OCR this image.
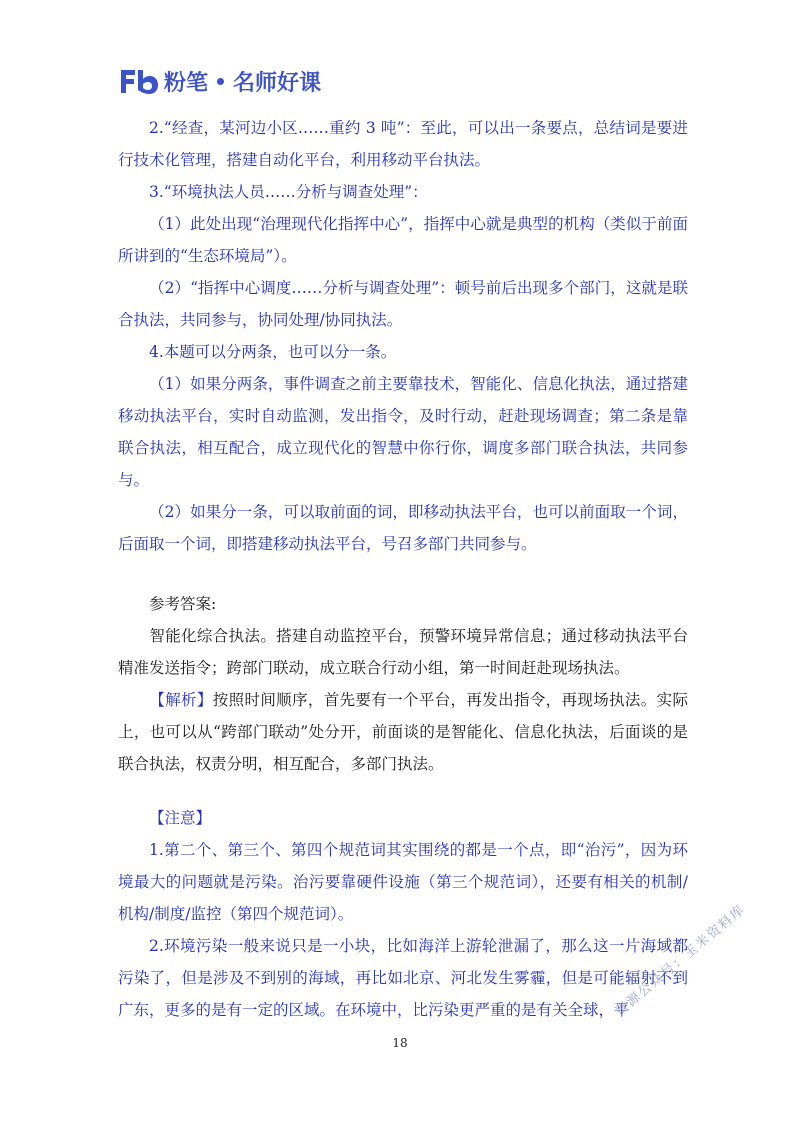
粉笔 名师好课

2.“经查，某河边小区……重约 3 吨”：至此，可以出一条要点，总结词是要进行技术化管理，搭建自动化平台，利用移动平台执法。

3.“环境执法人员……分析与调查处理”：

（1）此处出现“治理现代化指挥中心”，指挥中心就是典型的机构（类似于前面所讲到的“生态环境局”）。

（2）“指挥中心调度……分析与调查处理”：顿号前后出现多个部门，这就是联合执法，共同参与，协同处理/协同执法。

4.本题可以分两条，也可以分一条。

（1）如果分两条，事件调查之前主要靠技术，智能化、信息化执法，通过搭建移动执法平台，实时自动监测，发出指令，及时行动，赶赴现场调查；第二条是靠联合执法，相互配合，成立现代化的智慧中你行你，调度多部门联合执法，共同参与。

（2）如果分一条，可以取前面的词，即移动执法平台，也可以前面取一个词，后面取一个词，即搭建移动执法平台，号召多部门共同参与。

参考答案:

智能化综合执法。搭建自动监控平台，预警环境异常信息；通过移动执法平台精准发送指令；跨部门联动，成立联合行动小组，第一时间赶赴现场执法。

【解析】按照时间顺序，首先要有一个平台，再发出指令，再现场执法。实际上，也可以从“跨部门联动”处分开，前面谈的是智能化、信息化执法，后面谈的是联合执法，权责分明，相互配合，多部门执法。

【注意】

1.第二个、第三个、第四个规范词其实围绕的都是一个点，即“治污”，因为环境最大的问题就是污染。治污要靠硬件设施（第三个规范词），还要有相关的机制/机构/制度/监控（第四个规范词）。

2.环境污染一般来说只是一小块，比如海洋上游轮泄漏了，那么这一片海域都污染了，但是涉及不到别的海域，再比如北京、河北发生雾霾，但是可能辐射不到广东，更多的是有一定的区域。在环境中，比污染更严重的是有关全球，平

18
资源公众号：玉米资料库
